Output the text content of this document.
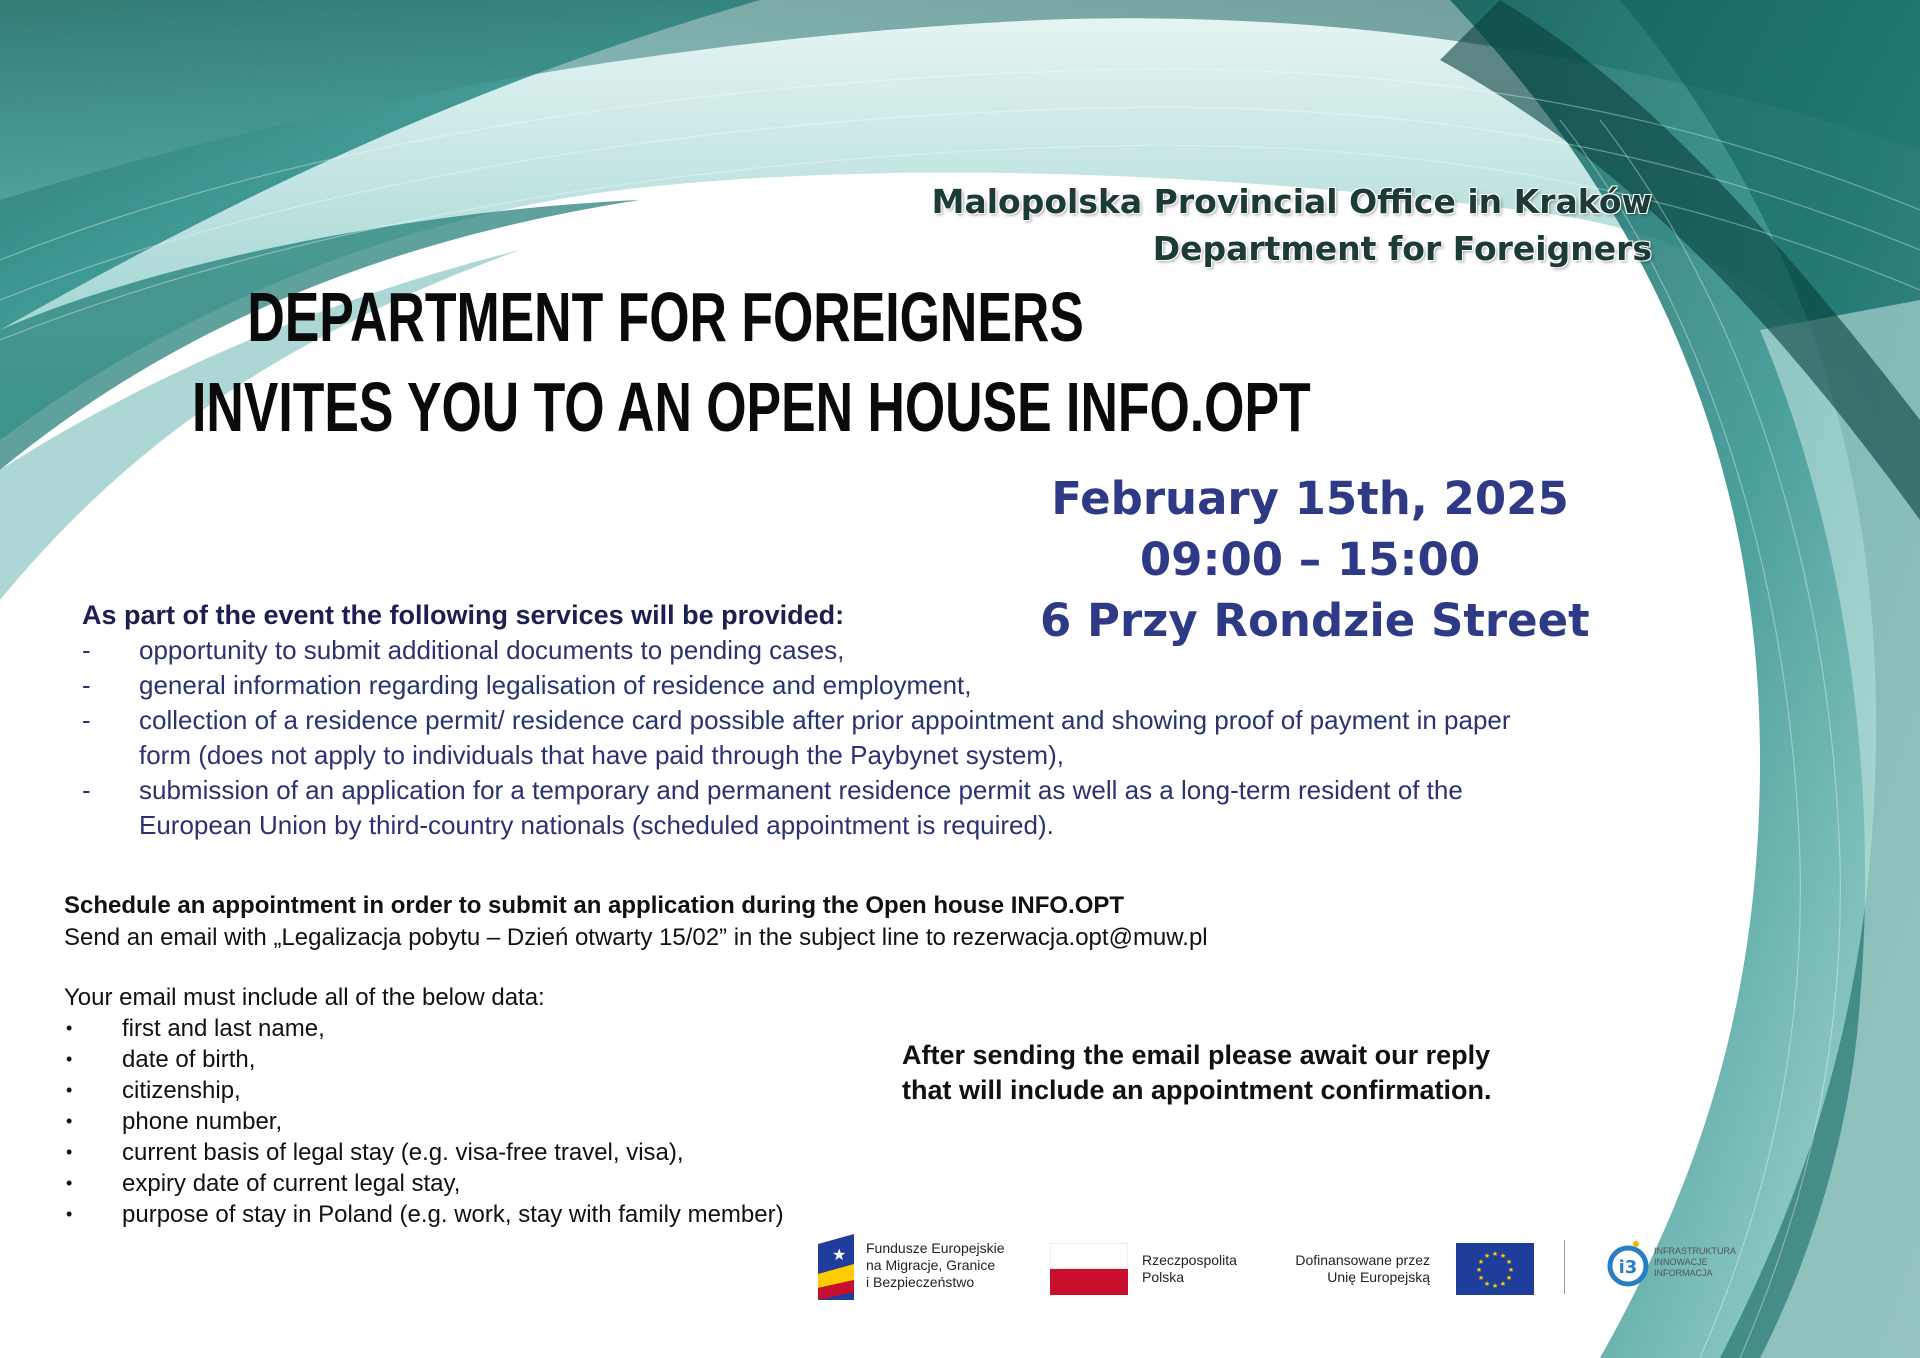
Malopolska Provincial Office in Kraków
Department for Foreigners
DEPARTMENT FOR FOREIGNERS
INVITES YOU TO AN OPEN HOUSE INFO.OPT
February 15th, 2025
09:00 – 15:00
6 Przy Rondzie Street
As part of the event the following services will be provided:
- opportunity to submit additional documents to pending cases,
- general information regarding legalisation of residence and employment,
- collection of a residence permit/ residence card possible after prior appointment and showing proof of payment in paper form (does not apply to individuals that have paid through the Paybynet system),
- submission of an application for a temporary and permanent residence permit as well as a long-term resident of the European Union by third-country nationals (scheduled appointment is required).
Schedule an appointment in order to submit an application during the Open house INFO.OPT
Send an email with „Legalizacja pobytu – Dzień otwarty 15/02” in the subject line to rezerwacja.opt@muw.pl
Your email must include all of the below data:
• first and last name,
• date of birth,
• citizenship,
• phone number,
• current basis of legal stay (e.g. visa-free travel, visa),
• expiry date of current legal stay,
• purpose of stay in Poland (e.g. work, stay with family member)
After sending the email please await our reply
that will include an appointment confirmation.
★ Fundusze Europejskie
na Migracje, Granice
i Bezpieczeństwo
Rzeczpospolita
Polska
Dofinansowane przez
Unię Europejską
★ ★
★
★
★
★
★
★
★
★
★
★
i3
INFRASTRUKTURA
INNOWACJE
INFORMACJA
